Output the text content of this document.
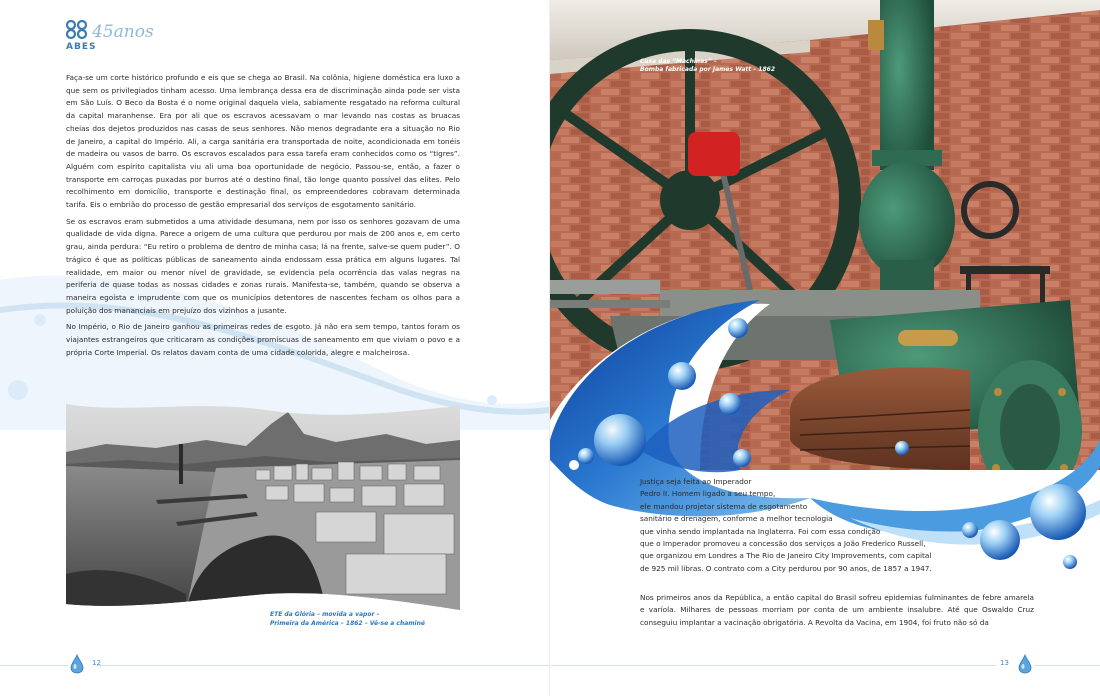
ABES
45anos

Faça-se um corte histórico profundo e eis que se chega ao Brasil. Na colônia, higiene doméstica era luxo a que sem os privilegiados tinham acesso. Uma lembrança dessa era de discriminação ainda pode ser vista em São Luís. O Beco da Bosta é o nome original daquela viela, sabiamente resgatado na reforma cultural da capital maranhense. Era por ali que os escravos acessavam o mar levando nas costas as bruacas cheias dos dejetos produzidos nas casas de seus senhores. Não menos degradante era a situação no Rio de Janeiro, a capital do Império. Ali, a carga sanitária era transportada de noite, acondicionada em tonéis de madeira ou vasos de barro. Os escravos escalados para essa tarefa eram conhecidos como os “tigres”. Alguém com espírito capitalista viu ali uma boa oportunidade de negócio. Passou-se, então, a fazer o transporte em carroças puxadas por burros até o destino final, tão longe quanto possível das elites. Pelo recolhimento em domicílio, transporte e destinação final, os empreendedores cobravam determinada tarifa. Eis o embrião do processo de gestão empresarial dos serviços de esgotamento sanitário.

Se os escravos eram submetidos a uma atividade desumana, nem por isso os senhores gozavam de uma qualidade de vida digna. Parece a origem de uma cultura que perdurou por mais de 200 anos e, em certo grau, ainda perdura: “Eu retiro o problema de dentro de minha casa; lá na frente, salve-se quem puder”. O trágico é que as políticas públicas de saneamento ainda endossam essa prática em alguns lugares. Tal realidade, em maior ou menor nível de gravidade, se evidencia pela ocorrência das valas negras na periferia de quase todas as nossas cidades e zonas rurais. Manifesta-se, também, quando se observa a maneira egoísta e imprudente com que os municípios detentores de nascentes fecham os olhos para a poluição dos mananciais em prejuízo dos vizinhos a jusante.

No Império, o Rio de Janeiro ganhou as primeiras redes de esgoto. Já não era sem tempo, tantos foram os viajantes estrangeiros que criticaram as condições promíscuas de saneamento em que viviam o povo e a própria Corte Imperial. Os relatos davam conta de uma cidade colorida, alegre e malcheirosa.

ETE da Glória – movida a vapor –
Primeira da América – 1862 – Vê-se a chaminé
12
Casa das “Machinas” –
Bomba fabricada por James Watt – 1862

Justiça seja feita ao Imperador

Pedro II. Homem ligado a seu tempo,

ele mandou projetar sistema de esgotamento

sanitário e drenagem, conforme a melhor tecnologia

que vinha sendo implantada na Inglaterra. Foi com essa condição

que o Imperador promoveu a concessão dos serviços a João Frederico Russell,

que organizou em Londres a The Rio de Janeiro City Improvements, com capital

de 925 mil libras. O contrato com a City perdurou por 90 anos, de 1857 a 1947.

Nos primeiros anos da República, a então capital do Brasil sofreu epidemias fulminantes de febre amarela e varíola. Milhares de pessoas morriam por conta de um ambiente insalubre. Até que Oswaldo Cruz conseguiu implantar a vacinação obrigatória. A Revolta da Vacina, em 1904, foi fruto não só da

13
